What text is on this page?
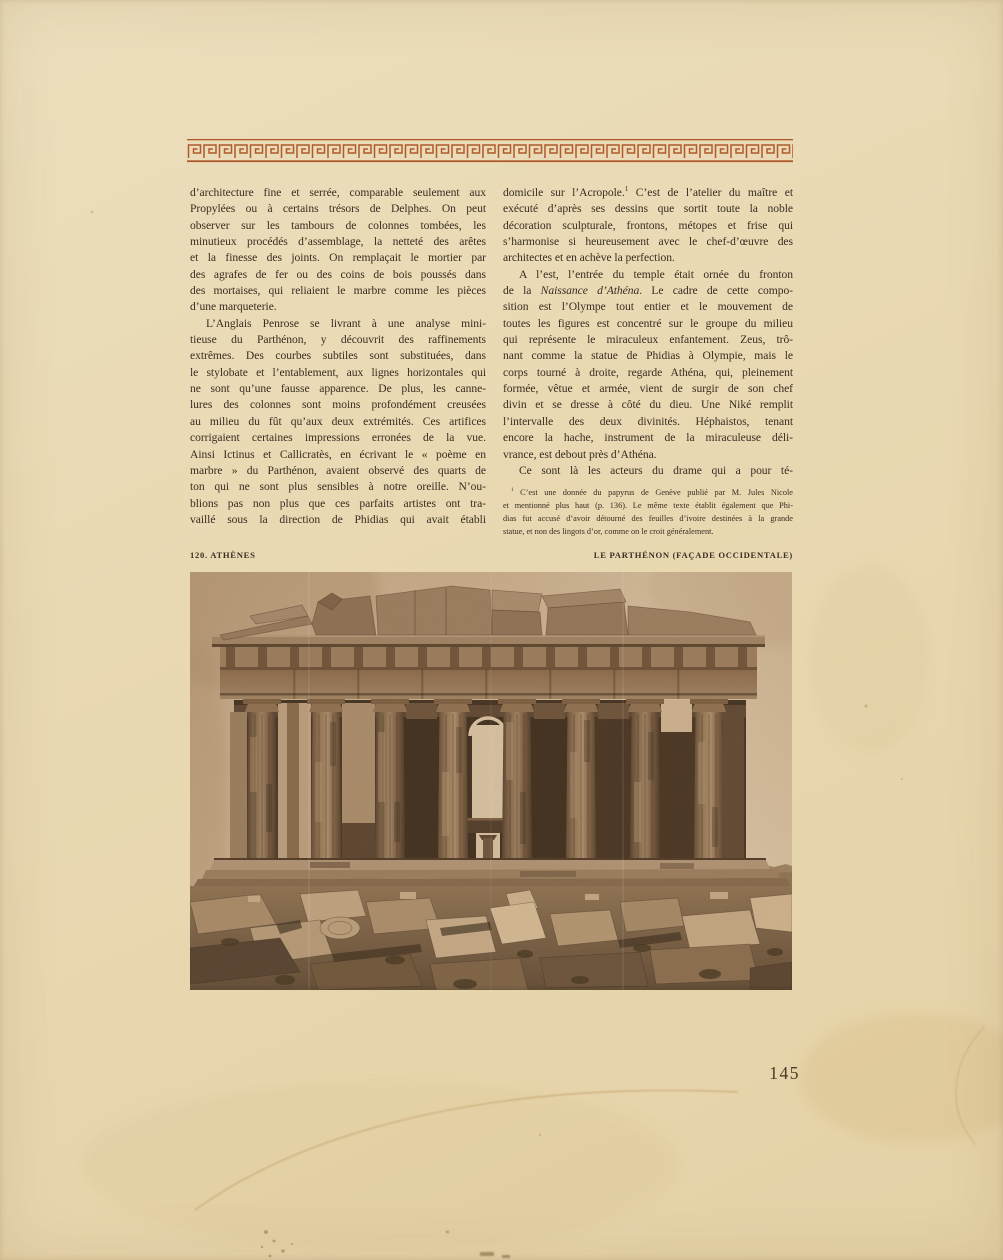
d’architecture fine et serrée, comparable seulement aux
Propylées ou à certains trésors de Delphes. On peut
observer sur les tambours de colonnes tombées, les
minutieux procédés d’assemblage, la netteté des arêtes
et la finesse des joints. On remplaçait le mortier par
des agrafes de fer ou des coins de bois poussés dans
des mortaises, qui reliaient le marbre comme les pièces
d’une marqueterie.
L’Anglais Penrose se livrant à une analyse mini-
tieuse du Parthénon, y découvrit des raffinements
extrêmes. Des courbes subtiles sont substituées, dans
le stylobate et l’entablement, aux lignes horizontales qui
ne sont qu’une fausse apparence. De plus, les canne-
lures des colonnes sont moins profondément creusées
au milieu du fût qu’aux deux extrémités. Ces artifices
corrigaient certaines impressions erronées de la vue.
Ainsi Ictinus et Callicratès, en écrivant le « poème en
marbre » du Parthénon, avaient observé des quarts de
ton qui ne sont plus sensibles à notre oreille. N’ou-
blions pas non plus que ces parfaits artistes ont tra-
vaillé sous la direction de Phidias qui avait établi
domicile sur l’Acropole.$^1$ C’est de l’atelier du maître et
exécuté d’après ses dessins que sortit toute la noble
décoration sculpturale, frontons, métopes et frise qui
s’harmonise si heureusement avec le chef-d’œuvre des
architectes et en achève la perfection.
A l’est, l’entrée du temple était ornée du fronton
de la Naissance d’Athéna. Le cadre de cette compo-
sition est l’Olympe tout entier et le mouvement de
toutes les figures est concentré sur le groupe du milieu
qui représente le miraculeux enfantement. Zeus, trô-
nant comme la statue de Phidias à Olympie, mais le
corps tourné à droite, regarde Athéna, qui, pleinement
formée, vêtue et armée, vient de surgir de son chef
divin et se dresse à côté du dieu. Une Niké remplit
l’intervalle des deux divinités. Héphaistos, tenant
encore la hache, instrument de la miraculeuse déli-
vrance, est debout près d’Athéna.
Ce sont là les acteurs du drame qui a pour té-
$^1$ C’est une donnée du papyrus de Genève publié par M. Jules Nicole
et mentionné plus haut (p. 136). Le même texte établit également que Phi-
dias fut accusé d’avoir détourné des feuilles d’ivoire destinées à la grande
statue, et non des lingots d’or, comme on le croit généralement.
120. ATHÈNES	LE PARTHÉNON (FAÇADE OCCIDENTALE)
145
